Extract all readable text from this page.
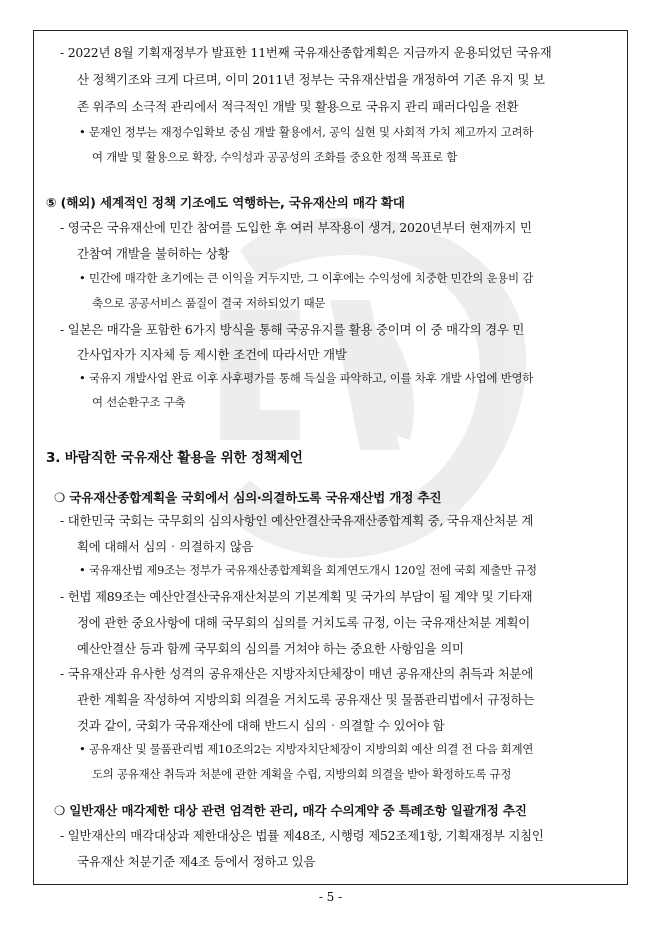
- 2022년 8월 기획재정부가 발표한 11번째 국유재산종합계획은 지금까지 운용되었던 국유재
산 정책기조와 크게 다르며, 이미 2011년 정부는 국유재산법을 개정하여 기존 유지 및 보
존 위주의 소극적 관리에서 적극적인 개발 및 활용으로 국유지 관리 패러다임을 전환
• 문재인 정부는 재정수입확보 중심 개발 활용에서, 공익 실현 및 사회적 가치 제고까지 고려하
여 개발 및 활용으로 확장, 수익성과 공공성의 조화를 중요한 정책 목표로 함
⑤ (해외) 세계적인 정책 기조에도 역행하는, 국유재산의 매각 확대
- 영국은 국유재산에 민간 참여를 도입한 후 여러 부작용이 생겨, 2020년부터 현재까지 민
간참여 개발을 불허하는 상황
• 민간에 매각한 초기에는 큰 이익을 거두지만, 그 이후에는 수익성에 치중한 민간의 운용비 감
축으로 공공서비스 품질이 결국 저하되었기 때문
- 일본은 매각을 포함한 6가지 방식을 통해 국공유지를 활용 중이며 이 중 매각의 경우 민
간사업자가 지자체 등 제시한 조건에 따라서만 개발
• 국유지 개발사업 완료 이후 사후평가를 통해 득실을 파악하고, 이를 차후 개발 사업에 반영하
여 선순환구조 구축
3. 바람직한 국유재산 활용을 위한 정책제언
❍ 국유재산종합계획을 국회에서 심의‧의결하도록 국유재산법 개정 추진
- 대한민국 국회는 국무회의 심의사항인 예산안결산국유재산종합계획 중, 국유재산처분 계
획에 대해서 심의‧의결하지 않음
• 국유재산법 제9조는 정부가 국유재산종합계획을 회계연도개시 120일 전에 국회 제출만 규정
- 헌법 제89조는 예산안결산국유재산처분의 기본계획 및 국가의 부담이 될 계약 및 기타재
정에 관한 중요사항에 대해 국무회의 심의를 거치도록 규정, 이는 국유재산처분 계획이
예산안결산 등과 함께 국무회의 심의를 거쳐야 하는 중요한 사항임을 의미
- 국유재산과 유사한 성격의 공유재산은 지방자치단체장이 매년 공유재산의 취득과 처분에
관한 계획을 작성하여 지방의회 의결을 거치도록 공유재산 및 물품관리법에서 규정하는
것과 같이, 국회가 국유재산에 대해 반드시 심의‧의결할 수 있어야 함
• 공유재산 및 물품관리법 제10조의2는 지방자치단체장이 지방의회 예산 의결 전 다음 회계연
도의 공유재산 취득과 처분에 관한 계획을 수립, 지방의회 의결을 받아 확정하도록 규정
❍ 일반재산 매각제한 대상 관련 엄격한 관리, 매각 수의계약 중 특례조항 일괄개정 추진
- 일반재산의 매각대상과 제한대상은 법률 제48조, 시행령 제52조제1항, 기획재정부 지침인
국유재산 처분기준 제4조 등에서 정하고 있음
- 5 -
